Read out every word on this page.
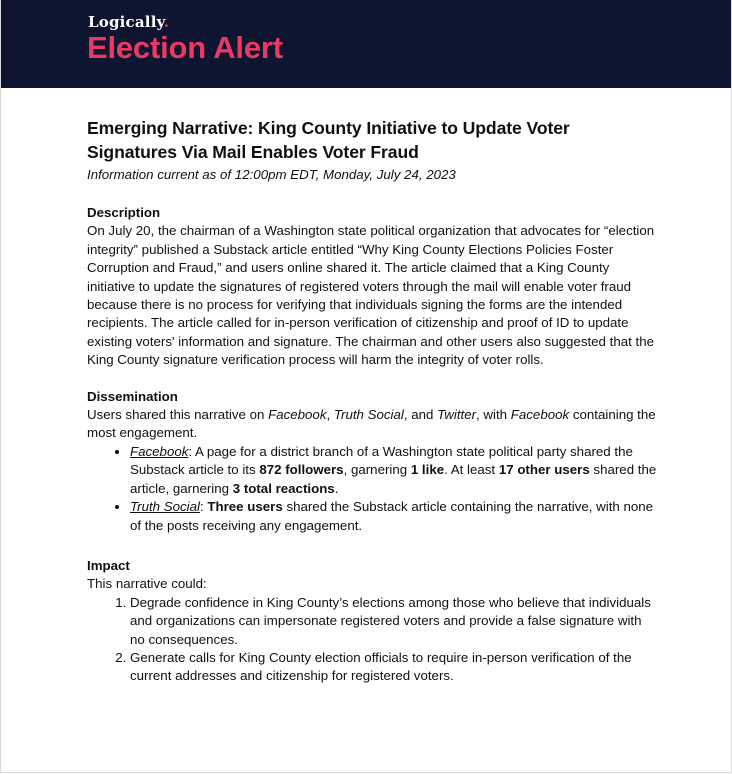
Logically.
Election Alert
Emerging Narrative: King County Initiative to Update Voter Signatures Via Mail Enables Voter Fraud
Information current as of 12:00pm EDT, Monday, July 24, 2023
Description

On July 20, the chairman of a Washington state political organization that advocates for “election integrity” published a Substack article entitled “Why King County Elections Policies Foster Corruption and Fraud,” and users online shared it. The article claimed that a King County initiative to update the signatures of registered voters through the mail will enable voter fraud because there is no process for verifying that individuals signing the forms are the intended recipients. The article called for in-person verification of citizenship and proof of ID to update existing voters' information and signature. The chairman and other users also suggested that the King County signature verification process will harm the integrity of voter rolls.

Dissemination

Users shared this narrative on Facebook, Truth Social, and Twitter, with Facebook containing the most engagement.

• Facebook: A page for a district branch of a Washington state political party shared the Substack article to its 872 followers, garnering 1 like. At least 17 other users shared the article, garnering 3 total reactions.
• Truth Social: Three users shared the Substack article containing the narrative, with none of the posts receiving any engagement.
Impact

This narrative could:

1. Degrade confidence in King County’s elections among those who believe that individuals and organizations can impersonate registered voters and provide a false signature with no consequences.
2. Generate calls for King County election officials to require in-person verification of the current addresses and citizenship for registered voters.
